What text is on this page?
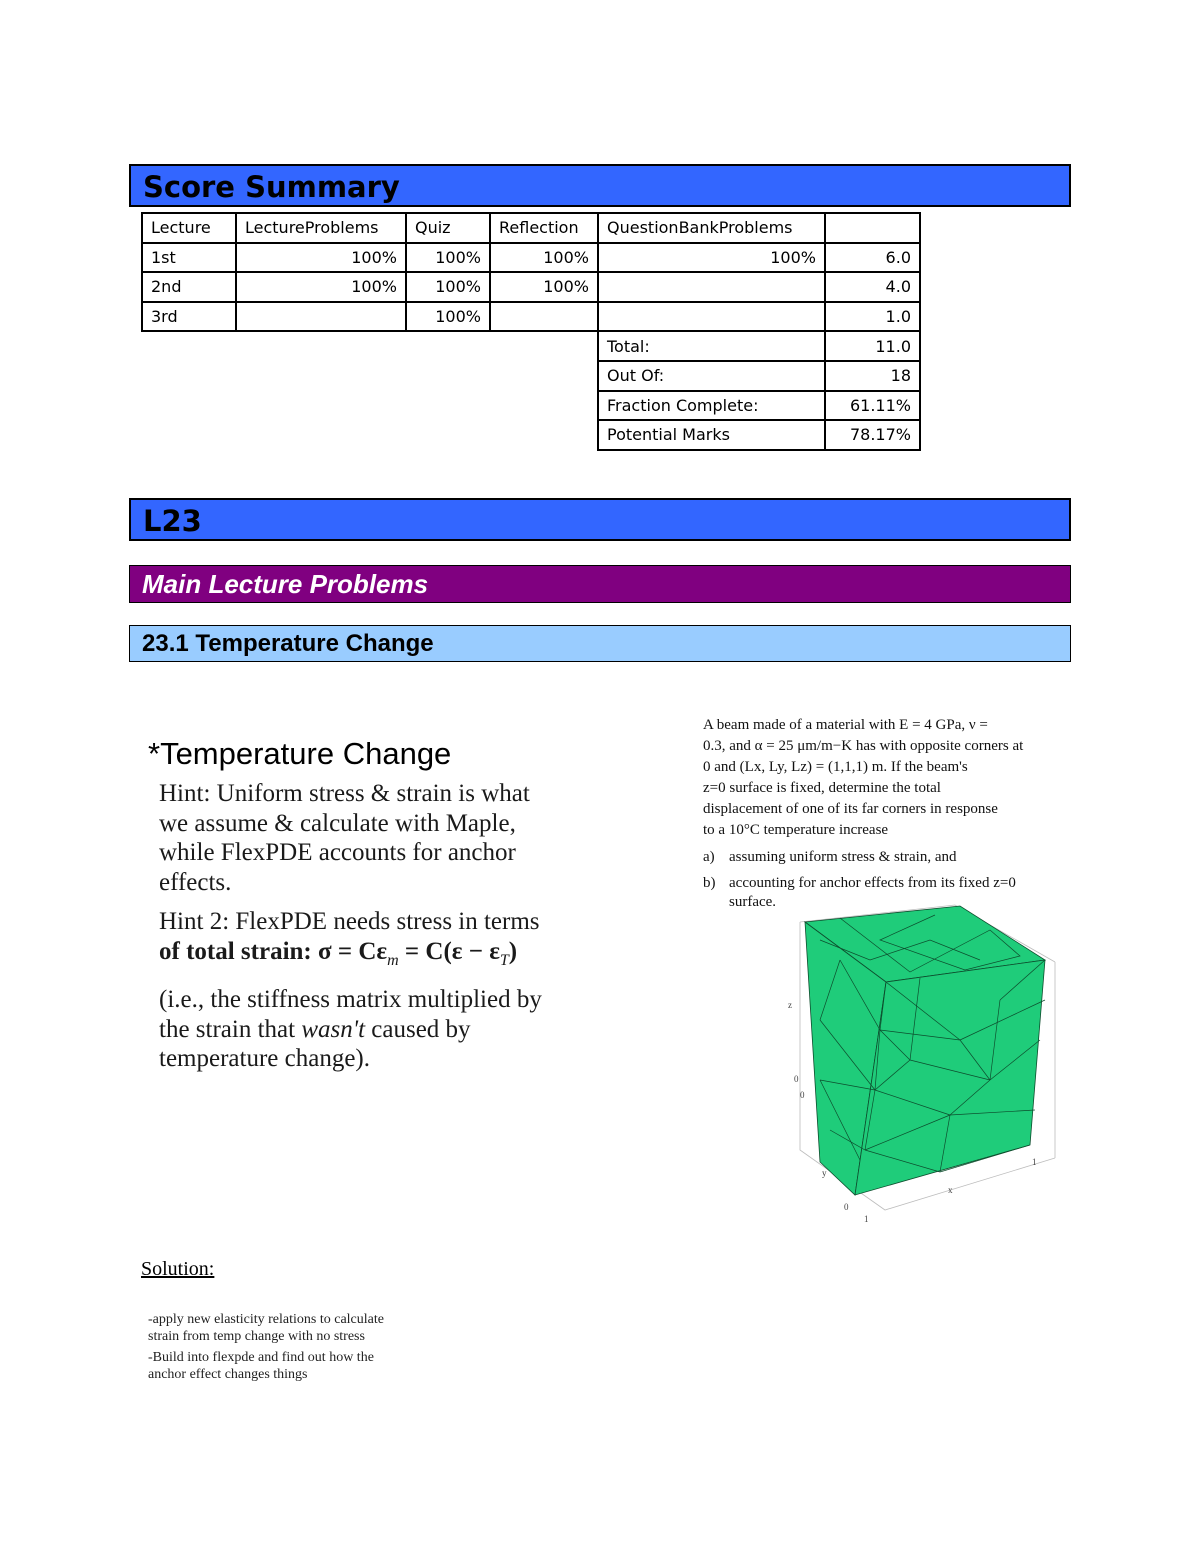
Score Summary
Lecture	LectureProblems	Quiz	Reflection	QuestionBankProblems	
1st	100%	100%	100%	100%	6.0
2nd	100%	100%	100%		4.0
3rd		100%			1.0
				Total:	11.0
				Out Of:	18
				Fraction Complete:	61.11%
				Potential Marks	78.17%
L23
Main Lecture Problems
23.1 Temperature Change
*Temperature Change

Hint: Uniform stress & strain is what
we assume & calculate with Maple,
while FlexPDE accounts for anchor
effects.

Hint 2: FlexPDE needs stress in terms
of total strain: $\sigma = C\varepsilon_m = C(\varepsilon - \varepsilon_T)$

(i.e., the stiffness matrix multiplied by
the strain that wasn't caused by
temperature change).

A beam made of a material with E = 4 GPa, ν =
0.3, and α = 25 μm/m−K has with opposite corners at
0 and (Lx, Ly, Lz) = (1,1,1) m. If the beam's
z=0 surface is fixed, determine the total
displacement of one of its far corners in response
to a 10°C temperature increase
a) assuming uniform stress & strain, and
b) accounting for anchor effects from its fixed z=0 surface.
z
y
x
0
0
1
0
1
Solution:

-apply new elasticity relations to calculate strain from temp change with no stress

-Build into flexpde and find out how the anchor effect changes things
